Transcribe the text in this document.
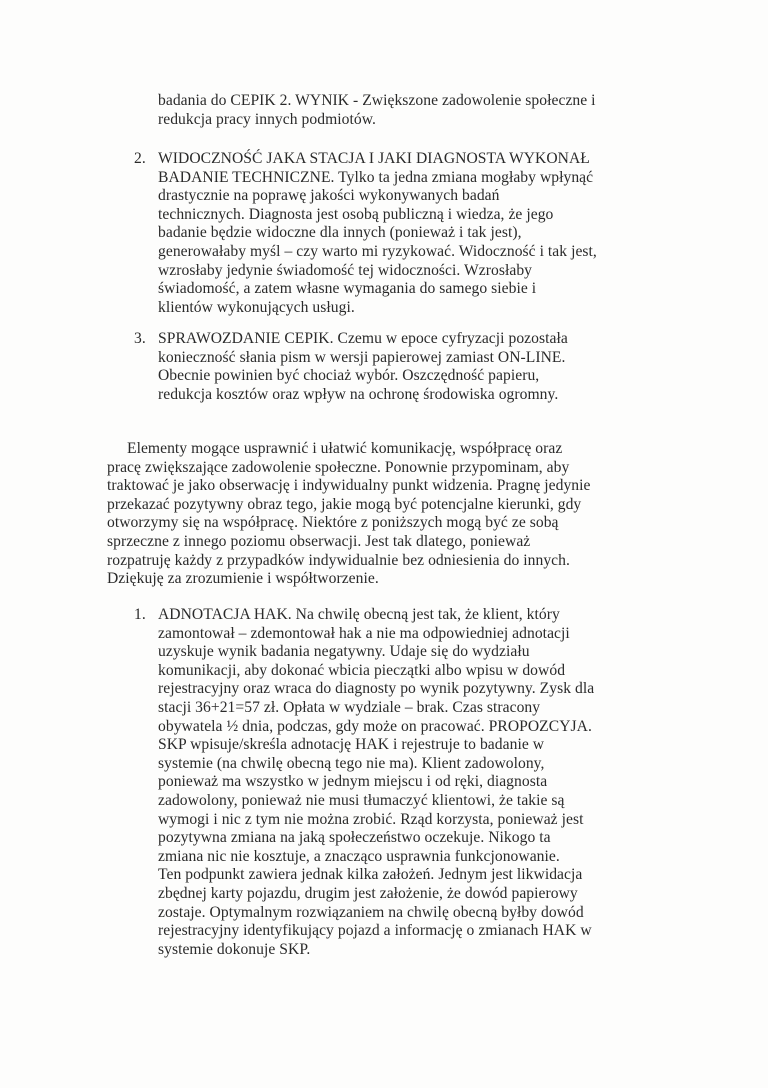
badania do CEPIK 2. WYNIK - Zwiększone zadowolenie społeczne i
redukcja pracy innych podmiotów.
2. WIDOCZNOŚĆ JAKA STACJA I JAKI DIAGNOSTA WYKONAŁ
BADANIE TECHNICZNE. Tylko ta jedna zmiana mogłaby wpłynąć
drastycznie na poprawę jakości wykonywanych badań
technicznych. Diagnosta jest osobą publiczną i wiedza, że jego
badanie będzie widoczne dla innych (ponieważ i tak jest),
generowałaby myśl – czy warto mi ryzykować. Widoczność i tak jest,
wzrosłaby jedynie świadomość tej widoczności. Wzrosłaby
świadomość, a zatem własne wymagania do samego siebie i
klientów wykonujących usługi.
3. SPRAWOZDANIE CEPIK. Czemu w epoce cyfryzacji pozostała
konieczność słania pism w wersji papierowej zamiast ON-LINE.
Obecnie powinien być chociaż wybór. Oszczędność papieru,
redukcja kosztów oraz wpływ na ochronę środowiska ogromny.
Elementy mogące usprawnić i ułatwić komunikację, współpracę oraz
pracę zwiększające zadowolenie społeczne. Ponownie przypominam, aby
traktować je jako obserwację i indywidualny punkt widzenia. Pragnę jedynie
przekazać pozytywny obraz tego, jakie mogą być potencjalne kierunki, gdy
otworzymy się na współpracę. Niektóre z poniższych mogą być ze sobą
sprzeczne z innego poziomu obserwacji. Jest tak dlatego, ponieważ
rozpatruję każdy z przypadków indywidualnie bez odniesienia do innych.
Dziękuję za zrozumienie i współtworzenie.
1. ADNOTACJA HAK. Na chwilę obecną jest tak, że klient, który
zamontował – zdemontował hak a nie ma odpowiedniej adnotacji
uzyskuje wynik badania negatywny. Udaje się do wydziału
komunikacji, aby dokonać wbicia pieczątki albo wpisu w dowód
rejestracyjny oraz wraca do diagnosty po wynik pozytywny. Zysk dla
stacji 36+21=57 zł. Opłata w wydziale – brak. Czas stracony
obywatela ½ dnia, podczas, gdy może on pracować. PROPOZCYJA.
SKP wpisuje/skreśla adnotację HAK i rejestruje to badanie w
systemie (na chwilę obecną tego nie ma). Klient zadowolony,
ponieważ ma wszystko w jednym miejscu i od ręki, diagnosta
zadowolony, ponieważ nie musi tłumaczyć klientowi, że takie są
wymogi i nic z tym nie można zrobić. Rząd korzysta, ponieważ jest
pozytywna zmiana na jaką społeczeństwo oczekuje. Nikogo ta
zmiana nic nie kosztuje, a znacząco usprawnia funkcjonowanie.
Ten podpunkt zawiera jednak kilka założeń. Jednym jest likwidacja
zbędnej karty pojazdu, drugim jest założenie, że dowód papierowy
zostaje. Optymalnym rozwiązaniem na chwilę obecną byłby dowód
rejestracyjny identyfikujący pojazd a informację o zmianach HAK w
systemie dokonuje SKP.
